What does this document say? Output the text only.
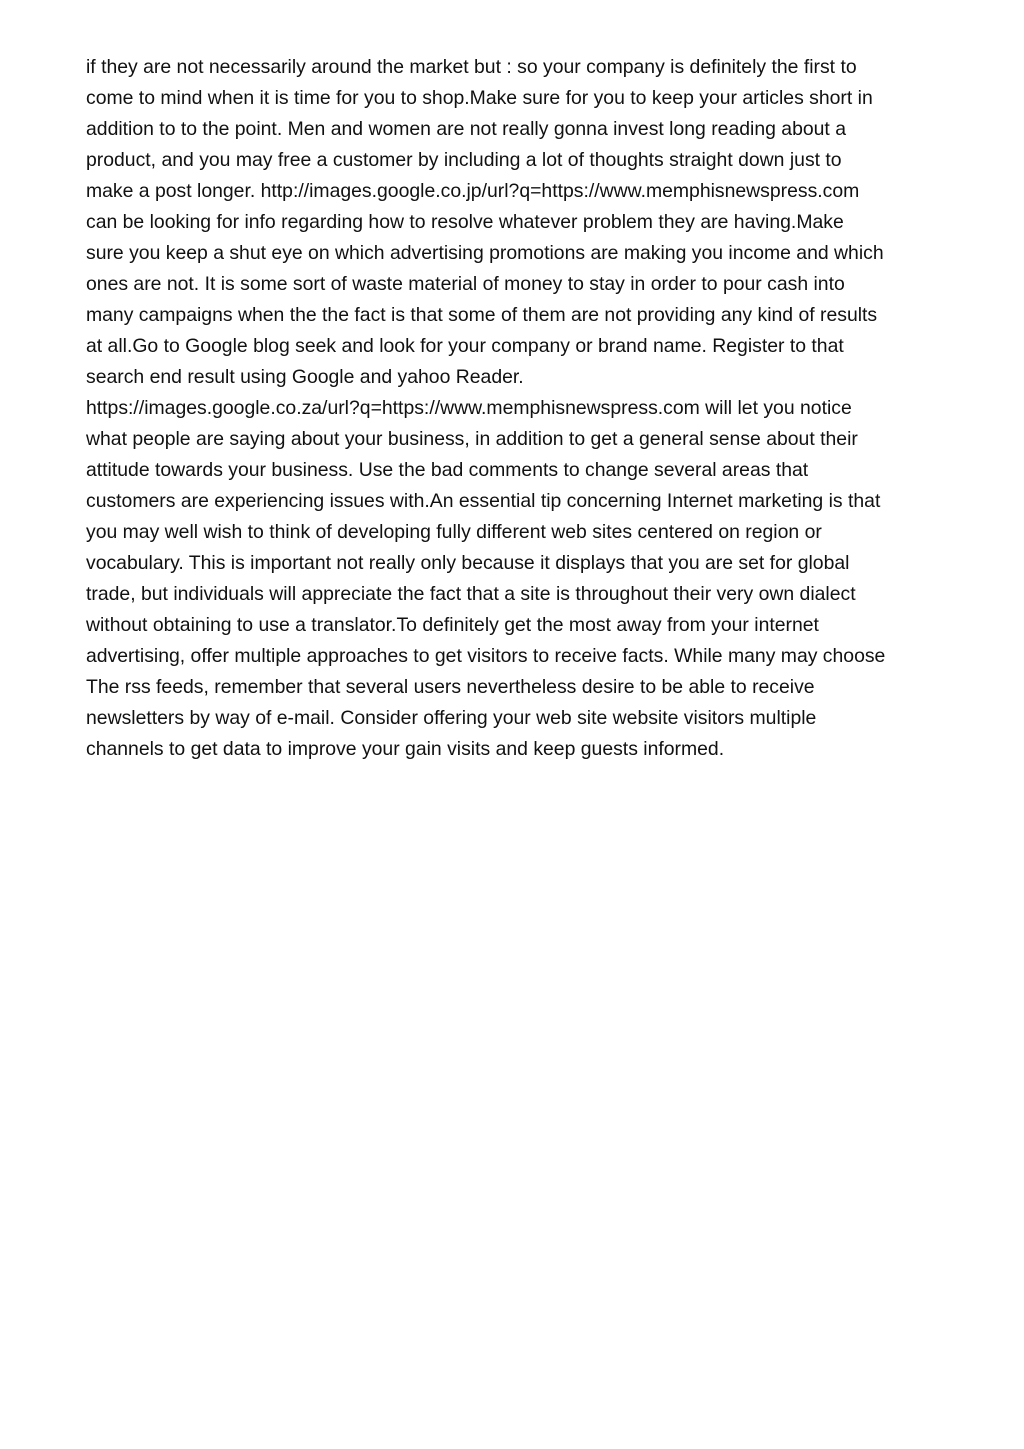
if they are not necessarily around the market but : so your company is definitely the first to
come to mind when it is time for you to shop.Make sure for you to keep your articles short in
addition to to the point. Men and women are not really gonna invest long reading about a
product, and you may free a customer by including a lot of thoughts straight down just to
make a post longer. http://images.google.co.jp/url?q=https://www.memphisnewspress.com
can be looking for info regarding how to resolve whatever problem they are having.Make
sure you keep a shut eye on which advertising promotions are making you income and which
ones are not. It is some sort of waste material of money to stay in order to pour cash into
many campaigns when the the fact is that some of them are not providing any kind of results
at all.Go to Google blog seek and look for your company or brand name. Register to that
search end result using Google and yahoo Reader.
https://images.google.co.za/url?q=https://www.memphisnewspress.com will let you notice
what people are saying about your business, in addition to get a general sense about their
attitude towards your business. Use the bad comments to change several areas that
customers are experiencing issues with.An essential tip concerning Internet marketing is that
you may well wish to think of developing fully different web sites centered on region or
vocabulary. This is important not really only because it displays that you are set for global
trade, but individuals will appreciate the fact that a site is throughout their very own dialect
without obtaining to use a translator.To definitely get the most away from your internet
advertising, offer multiple approaches to get visitors to receive facts. While many may choose
The rss feeds, remember that several users nevertheless desire to be able to receive
newsletters by way of e-mail. Consider offering your web site website visitors multiple
channels to get data to improve your gain visits and keep guests informed.
